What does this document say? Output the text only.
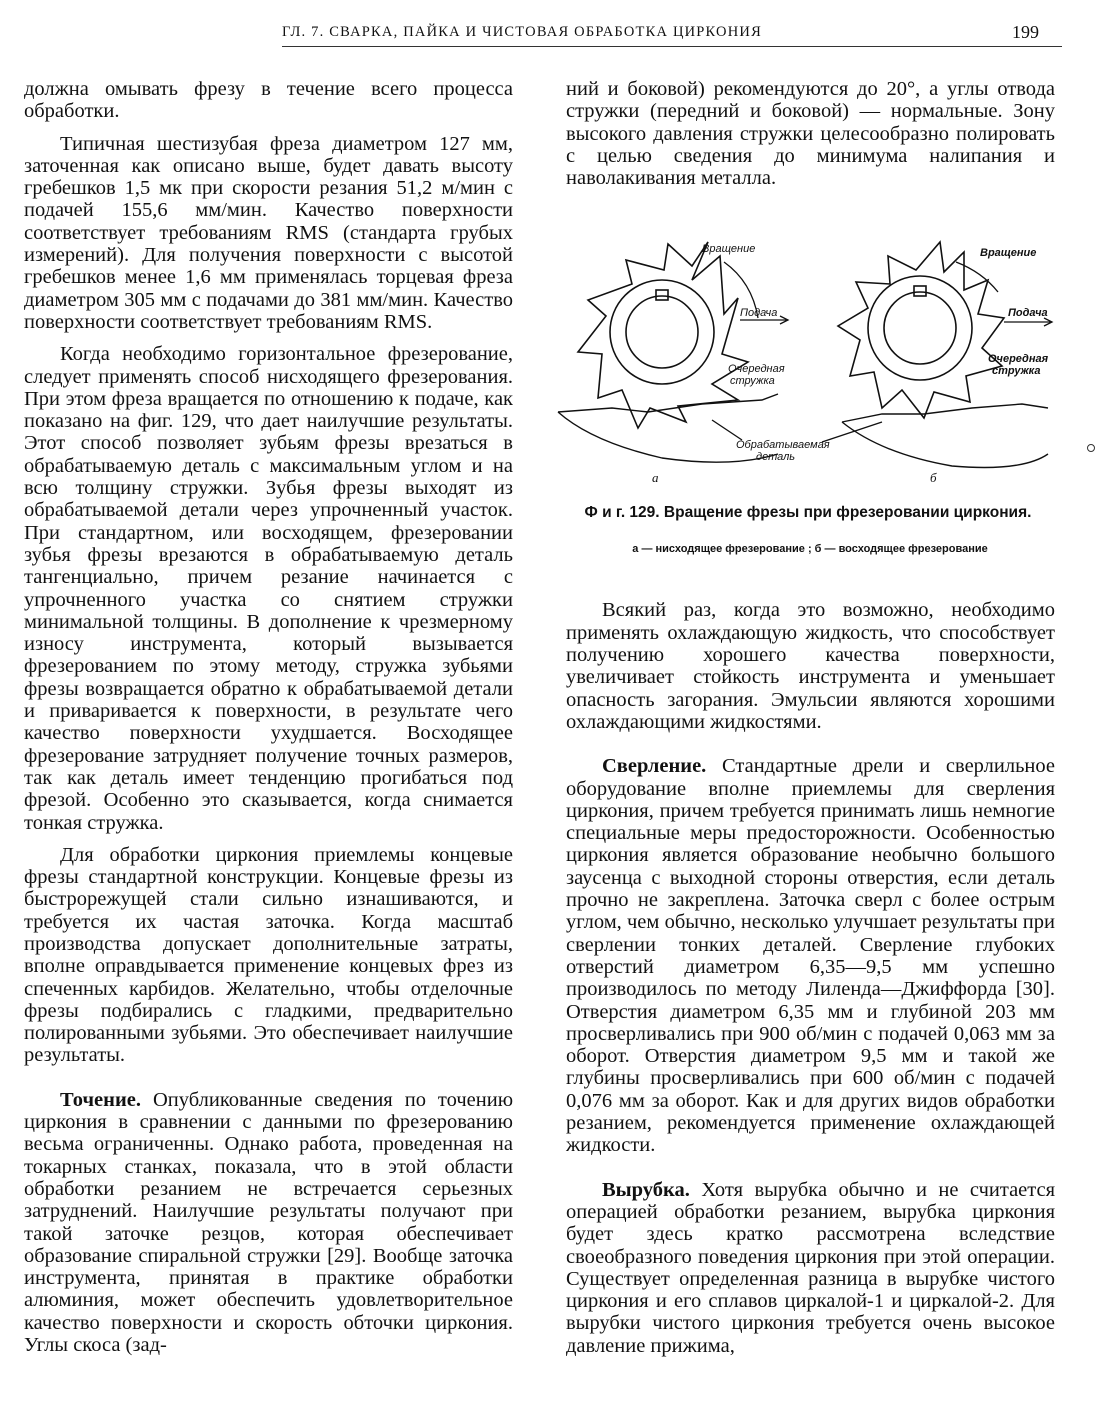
ГЛ. 7. СВАРКА, ПАЙКА И ЧИСТОВАЯ ОБРАБОТКА ЦИРКОНИЯ	199

должна омывать фрезу в течение всего процесса обработки.

Типичная шестизубая фреза диаметром 127 мм, заточенная как описано выше, будет давать высоту гребешков 1,5 мк при скорости резания 51,2 м/мин с подачей 155,6 мм/мин. Качество поверхности соответствует требованиям RMS (стандарта грубых измерений). Для получения поверхности с высотой гребешков менее 1,6 мм применялась торцевая фреза диаметром 305 мм с подачами до 381 мм/мин. Качество поверхности соответствует требованиям RMS.

Когда необходимо горизонтальное фрезерование, следует применять способ нисходящего фрезерования. При этом фреза вращается по отношению к подаче, как показано на фиг. 129, что дает наилучшие результаты. Этот способ позволяет зубьям фрезы врезаться в обрабатываемую деталь с максимальным углом и на всю толщину стружки. Зубья фрезы выходят из обрабатываемой детали через упрочненный участок. При стандартном, или восходящем, фрезеровании зубья фрезы врезаются в обрабатываемую деталь тангенциально, причем резание начинается с упрочненного участка со снятием стружки минимальной толщины. В дополнение к чрезмерному износу инструмента, который вызывается фрезерованием по этому методу, стружка зубьями фрезы возвращается обратно к обрабатываемой детали и приваривается к поверхности, в результате чего качество поверхности ухудшается. Восходящее фрезерование затрудняет получение точных размеров, так как деталь имеет тенденцию прогибаться под фрезой. Особенно это сказывается, когда снимается тонкая стружка.

Для обработки циркония приемлемы концевые фрезы стандартной конструкции. Концевые фрезы из быстрорежущей стали сильно изнашиваются, и требуется их частая заточка. Когда масштаб производства допускает дополнительные затраты, вполне оправдывается применение концевых фрез из спеченных карбидов. Желательно, чтобы отделочные фрезы подбирались с гладкими, предварительно полированными зубьями. Это обеспечивает наилучшие результаты.

Точение. Опубликованные сведения по точению циркония в сравнении с данными по фрезерованию весьма ограниченны. Однако работа, проведенная на токарных станках, показала, что в этой области обработки резанием не встречается серьезных затруднений. Наилучшие результаты получают при такой заточке резцов, которая обеспечивает образование спиральной стружки [29]. Вообще заточка инструмента, принятая в практике обработки алюминия, может обеспечить удовлетворительное качество поверхности и скорость обточки циркония. Углы скоса (зад-

ний и боковой) рекомендуются до 20°, а углы отвода стружки (передний и боковой) — нормальные. Зону высокого давления стружки целесообразно полировать с целью сведения до минимума налипания и наволакивания металла.

Всякий раз, когда это возможно, необходимо применять охлаждающую жидкость, что способствует получению хорошего качества поверхности, увеличивает стойкость инструмента и уменьшает опасность загорания. Эмульсии являются хорошими охлаждающими жидкостями.

Сверление. Стандартные дрели и сверлильное оборудование вполне приемлемы для сверления циркония, причем требуется принимать лишь немногие специальные меры предосторожности. Особенностью циркония является образование необычно большого заусенца с выходной стороны отверстия, если деталь прочно не закреплена. Заточка сверл с более острым углом, чем обычно, несколько улучшает результаты при сверлении тонких деталей. Сверление глубоких отверстий диаметром 6,35—9,5 мм успешно производилось по методу Лиленда—Джиффорда [30]. Отверстия диаметром 6,35 мм и глубиной 203 мм просверливались при 900 об/мин с подачей 0,063 мм за оборот. Отверстия диаметром 9,5 мм и такой же глубины просверливались при 600 об/мин с подачей 0,076 мм за оборот. Как и для других видов обработки резанием, рекомендуется применение охлаждающей жидкости.

Вырубка. Хотя вырубка обычно и не считается операцией обработки резанием, вырубка циркония будет здесь кратко рассмотрена вследствие своеобразного поведения циркония при этой операции. Существует определенная разница в вырубке чистого циркония и его сплавов циркалой-1 и циркалой-2. Для вырубки чистого циркония требуется очень высокое давление прижима,

Вращение	Вращение
Подача	Подача
Очередная
стружка
Очередная
стружка
Обрабатываемая
деталь
а	б
Ф и г. 129. Вращение фрезы при фрезеровании циркония.
а — нисходящее фрезерование ; б — восходящее фрезерование
